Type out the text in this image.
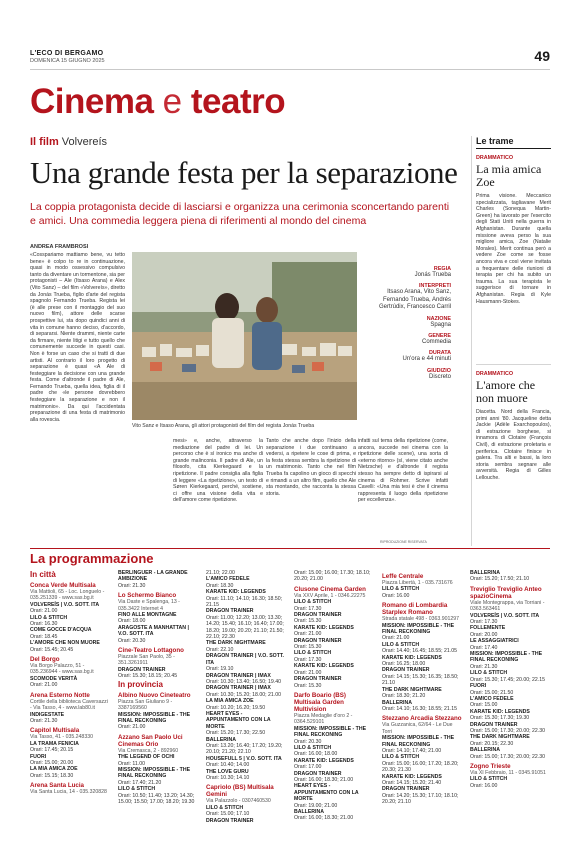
L'ECO DI BERGAMO
DOMENICA 15 GIUGNO 2025	49
Cinema e teatro
Il film Volvereís
Una grande festa per la separazione

La coppia protagonista decide di lasciarsi e organizza una cerimonia sconcertando parenti e amici. Una commedia leggera piena di riferimenti al mondo del cinema

ANDREA FRAMBROSI
«Cosspariamo mattiamo bene, vu tetto bene» è colpo to re in continuazione, quasi in modo ossessivo compulsivo tanto da diventare un tormentone, sia per protagonisti – Ale (Itsaso Arana) e Alex (Vito Sanz) – del film «Volvereís», diretto da Jonás Trueba, figlio d'arte del regista spagnolo Fernando Trueba. Regista lei (è alle prese con il montaggio del suo nuovo film), attore delle scarse prospettive lui, sta dopo quindici anni di vita in comune hanno deciso, d'accordo, di separarsi. Niente drammi, niente carte da firmare, niente litigi e tutto quello che comunemente succede in questi casi. Non è forse un caso che si tratti di due artisti. Al contrario il loro progetto di separazione è quasi «A Ale di festeggiare la decisione con una grande festa. Come d'altronde il padre di Ale, Fernando Trueba, quella idea, figlia di il padre che «le persone dovrebbero festeggiare la separazione e non il matrimonio». Da qui l'accidentata preparazione di una festa di matrimonio alla rovescia.
Vito Sanz e Itsaso Arana, gli attori protagonisti del film del regista Jonás Trueba
mesi» e, anche, attraverso la mediazione del padre di lei. Un percorso che è sì ironico ma anche di grande malinconia. Il padre di Ale, un filosofo, cita Kierkegaard e la ripetizione. Il padre consiglia alla figlia di leggere «La ripetizione», un testo di Søren Kierkegaard, perché, sostiene, ci offre una visione della vita e dell'amore come ripetizione.
Tanto che anche dopo l'inizio della separazione i due continuano a vedersi, a ripetere le cose di prima, e la festa stessa sembra la ripetizione di un matrimonio. Tanto che nel film Trueba fa capolino un gioco di specchi e rimandi a un altro film, quello che Ale sta montando, che racconta la stessa storia.
infatti sul tema della ripetizione (come, ancora, succede nei cinema con la ripetizione delle scene), una sorta di «eterno ritorno» (sì, viene citato anche Nietzsche) e d'altronde il regista stesso ha sempre detto di ispirarsi al cinema di Rohmer. Scrive infatti Cavelli: «Una mia tesi è che il cinema rappresenta il luogo della ripetizione per eccellenza».
REGIA
Jonás Trueba
INTERPRETI
Itsaso Arana, Vito Sanz, Fernando Trueba, Andrés Gertrúdix, Francesco Carril
NAZIONE
Spagna
GENERE
Commedia
DURATA
Un'ora e 44 minuti
GIUDIZIO
Discreto
RIPRODUZIONE RISERVATA
Le trame
DRAMMATICO
La mia amica Zoe
Prima visione. Meccanico specializzata, tagliavane Merit Charles (Sonequa Martin-Green) ha lavorato per l'esercito degli Stati Uniti nella guerra in Afghanistan. Durante quella missione aveva perso la sua migliore amica, Zoe (Natalie Morales). Merit continua però a vedere Zoe come se fosse ancora viva e così viene invitata a frequentare delle riunioni di terapia per chi ha subito un trauma. La sua terapista le suggerisce di tornare in Afghanistan. Regia di Kyle Hausmann-Stokes.
DRAMMATICO
L'amore che non muore
Diacetta. Nord della Francia, primi anni '80. Jacqueline detta Jackie (Adèle Exarchopoulos), di estrazione borghese, si innamora di Clotaire (François Civil), di estrazione proletaria e periferica. Clotaire finisce in galera. Tra alti e bassi, la loro storia sembra segnare alle avversità. Regia di Gilles Lellouche.
La programmazione
In città
Conca Verde Multisala
Via Mattioli, 65 - Loc. Longuelo - 035.251339 - www.sas.bg.it
VOLVEREÍS | V.O. SOTT. ITA
Orari: 21.00
LILO & STITCH
Orari: 16.30
COME GOCCE D'ACQUA
Orari: 18.45
L'AMORE CHE NON MUORE
Orari: 15.45; 20.45
Del Borgo
Via Borgo Palazzo, 51 - 035.236944 - www.sas.bg.it
SCOMODE VERITÀ
Orari: 21.00
Arena Esterno Notte
Cortile della biblioteca Caversazzi - Via Tasso, 4 - www.lab80.it
INDIGESTATE
Orari: 21.30
Capitol Multisala
Via Tasso, 41 - 035.248330
LA TRAMA FENICIA
Orari: 17.45; 20.15
FUORI
Orari: 15.00; 20.00
LA MIA AMICA ZOE
Orari: 15.15; 18.30
Arena Santa Lucia
Via Santa Lucia, 14 - 035.320828
BERLINGUER - LA GRANDE AMBIZIONE
Orari: 21.30
Lo Schermo Bianco
Via Daste e Spalenga, 13 - 035.3422 Internet 4
FINO ALLE MONTAGNE
Orari: 18.00
ARAGOSTE A MANHATTAN | V.O. SOTT. ITA
Orari: 20.30
Cine-Teatro Lottagono
Piazzale San Paolo, 35 - 351.3261911
DRAGON TRAINER
Orari: 15.30; 18.15; 20.45
In provincia
Albino Nuovo Cineteatro
Piazza San Giuliano 9 - 3387169560
MISSION: IMPOSSIBLE - THE FINAL RECKONING
Orari: 21.00
Azzano San Paolo Uci Cinemas Orio
Via Cremasca, 2 - 892960
THE LEGEND OF OCHI
Orari: 11.00
MISSION: IMPOSSIBLE - THE FINAL RECKONING
Orari: 17.40; 21.20
LILO & STITCH
Orari: 10.50; 11.40; 13.20; 14.30; 15.00; 15.50; 17.00; 18.20; 19.30
21.10; 22.00
L'AMICO FEDELE
Orari: 18.30
KARATE KID: LEGENDS
Orari: 11.10; 14.10; 16.30; 18.50; 21.15
DRAGON TRAINER
Orari: 11.00; 12.20; 13.00; 13.30; 14.20; 15.40; 16.10; 16.40; 17.00; 18.20; 19.00; 20.20; 21.10; 21.50; 22.10; 22.30
THE DARK NIGHTMARE
Orari: 22.10
DRAGON TRAINER | V.O. SOTT. ITA
Orari: 19.10
DRAGON TRAINER | IMAX
Orari: 10.30; 13.40; 16.50; 19.40
DRAGON TRAINER | IMAX
Orari: 10.30; 15.20; 18.00; 21.00
LA MIA AMICA ZOE
Orari: 10.20; 16.20; 19.50
HEART EYES - APPUNTAMENTO CON LA MORTE
Orari: 15.20; 17.30; 22.50
BALLERINA
Orari: 13.20; 16.40; 17.20; 19.20; 20.10; 21.20; 22.10
HOUSEFULL 5 | V.O. SOTT. ITA
Orari: 10.40; 14.00
THE LOVE GURU
Orari: 10.30; 14.10
Capriolo (BS) Multisala Gemini
Via Palazzolo - 0307460530
LILO & STITCH
Orari: 15.00; 17.10
DRAGON TRAINER
Orari: 15.00; 16.00; 17.30; 18.10; 20.20; 21.00
Clusone Cinema Garden
Via XXV Aprile, 1 - 0346.22275
LILO & STITCH
Orari: 17.30
DRAGON TRAINER
Orari: 15.30
KARATE KID: LEGENDS
Orari: 21.00
DRAGON TRAINER
Orari: 15.30
LILO & STITCH
Orari: 17.30
KARATE KID: LEGENDS
Orari: 21.00
DRAGON TRAINER
Orari: 15.30
Darfo Boario (BS) Multisala Garden Multivision
Piazza Medaglie d'oro 2 - 0364.529101
MISSION: IMPOSSIBLE - THE FINAL RECKONING
Orari: 20.30
LILO & STITCH
Orari: 16.00; 18.00
KARATE KID: LEGENDS
Orari: 17.00
DRAGON TRAINER
Orari: 16.00; 18.30; 21.00
HEART EYES - APPUNTAMENTO CON LA MORTE
Orari: 19.00; 21.00
BALLERINA
Orari: 16.00; 18.30; 21.00
Leffe Centrale
Piazza Libertà, 1 - 035.731676
LILO & STITCH
Orari: 16.00
Romano di Lombardia Starplex Romano
Strada statale 498 - 0363.901297
MISSION: IMPOSSIBLE - THE FINAL RECKONING
Orari: 21.00
LILO & STITCH
Orari: 14.40; 16.45; 18.55; 21.05
KARATE KID: LEGENDS
Orari: 16.25; 18.00
DRAGON TRAINER
Orari: 14.15; 15.30; 16.35; 18.50; 21.10
THE DARK NIGHTMARE
Orari: 18.30; 21.20
BALLERINA
Orari: 14.10; 16.30; 18.55; 21.15
Stezzano Arcadia Stezzano
Via Guzzanica, 62/64 - Le Due Torri
MISSION: IMPOSSIBLE - THE FINAL RECKONING
Orari: 14.10; 17.40; 21.00
LILO & STITCH
Orari: 15.00; 16.00; 17.20; 18.20; 20.30; 21.30
KARATE KID: LEGENDS
Orari: 14.15; 15.20; 21.40
DRAGON TRAINER
Orari: 14.20; 15.30; 17.10; 18.10; 20.20; 21.10
BALLERINA
Orari: 15.20; 17.50; 21.10
Treviglio Treviglio Anteo spazioCinema
Viale Montegrappa, via Torriani - 0363.563461
VOLVEREÍS | V.O. SOTT. ITA
Orari: 17.30
FOLLEMENTE
Orari: 20.00
LE ASSAGGIATRICI
Orari: 17.40
MISSION: IMPOSSIBLE - THE FINAL RECKONING
Orari: 21.30
LILO & STITCH
Orari: 15.30; 17.45; 20.00; 22.15
FUORI
Orari: 15.00; 21.50
L'AMICO FEDELE
Orari: 15.00
KARATE KID: LEGENDS
Orari: 15.30; 17.30; 19.30
DRAGON TRAINER
Orari: 15.00; 17.30; 20.00; 22.30
THE DARK NIGHTMARE
Orari: 20.15; 22.30
BALLERINA
Orari: 15.00; 17.30; 20.00; 22.30
Zogno Trieste
Via XI Febbraio, 11 - 0345.91051
LILO & STITCH
Orari: 16.00
